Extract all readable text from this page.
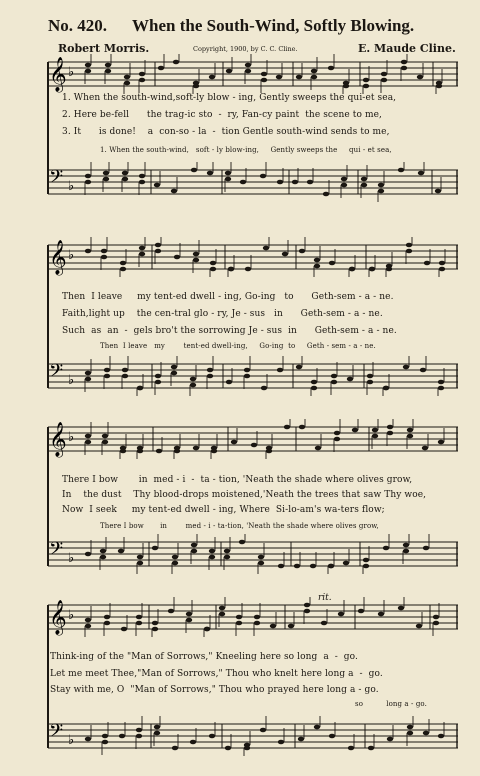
No. 420. When the South-Wind, Softly Blowing.
Robert Morris.	Copyright, 1900, by C. C. Cline.	E. Maude Cline.
𝄞 ♭
𝄢 ♭
𝄞 ♭
𝄢 ♭
𝄞 ♭
𝄢 ♭
𝄞 ♭
𝄢 ♭
1. When the south-wind,soft-ly blow - ing, Gently sweeps the qui-et sea,
2. Here be-fell      the trag-ic sto  -  ry, Fan-cy paint  the scene to me,
3. It      is done!    a  con-so - la  -  tion Gentle south-wind sends to me,
1. When the south-wind,   soft - ly blow-ing,     Gently sweeps the     qui - et sea,
Then  I leave     my tent-ed dwell - ing, Go-ing   to      Geth-sem - a - ne.
Faith,light up    the cen-tral glo - ry, Je - sus   in      Geth-sem - a - ne.
Such  as  an  -  gels bro't the sorrowing Je - sus  in      Geth-sem - a - ne.
Then  I leave   my        tent-ed dwell-ing,     Go-ing  to     Geth - sem - a - ne.
There I bow       in  med - i  -  ta - tion, 'Neath the shade where olives grow,
In    the dust    Thy blood-drops moistened,'Neath the trees that saw Thy woe,
Now  I seek     my tent-ed dwell - ing, Where  Si-lo-am's wa-ters flow;
There I bow       in        med - i - ta-tion, 'Neath the shade where olives grow,
Think-ing of the "Man of Sorrows," Kneeling here so long  a  -  go.
Let me meet Thee,"Man of Sorrows," Thou who knelt here long a  -  go.
Stay with me, O  "Man of Sorrows," Thou who prayed here long a - go.
so          long a - go.
rit.
